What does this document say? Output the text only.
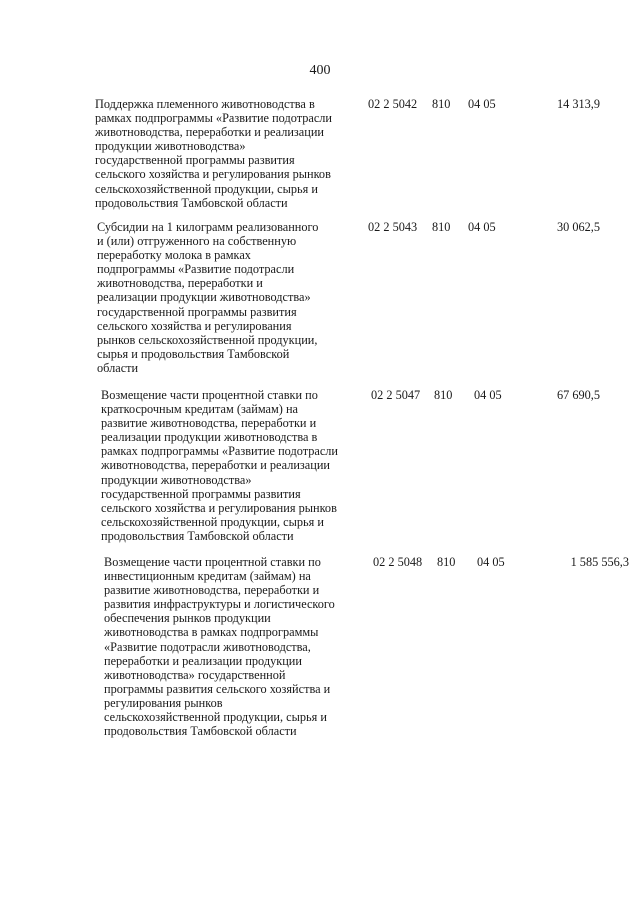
400
Поддержка племенного животноводства в
рамках подпрограммы «Развитие подотрасли
животноводства, переработки и реализации
продукции животноводства»
государственной программы развития
сельского хозяйства и регулирования рынков
сельскохозяйственной продукции, сырья и
продовольствия Тамбовской области
02 2 5042 810 04 05	14 313,9
Субсидии на 1 килограмм реализованного
и (или) отгруженного на собственную
переработку молока в рамках
подпрограммы «Развитие подотрасли
животноводства, переработки и
реализации продукции животноводства»
государственной программы развития
сельского хозяйства и регулирования
рынков сельскохозяйственной продукции,
сырья и продовольствия Тамбовской
области
02 2 5043 810 04 05	30 062,5
Возмещение части процентной ставки по
краткосрочным кредитам (займам) на
развитие животноводства, переработки и
реализации продукции животноводства в
рамках подпрограммы «Развитие подотрасли
животноводства, переработки и реализации
продукции животноводства»
государственной программы развития
сельского хозяйства и регулирования рынков
сельскохозяйственной продукции, сырья и
продовольствия Тамбовской области
02 2 5047 810 04 05	67 690,5
Возмещение части процентной ставки по
инвестиционным кредитам (займам) на
развитие животноводства, переработки и
развития инфраструктуры и логистического
обеспечения рынков продукции
животноводства в рамках подпрограммы
«Развитие подотрасли животноводства,
переработки и реализации продукции
животноводства» государственной
программы развития сельского хозяйства и
регулирования рынков
сельскохозяйственной продукции, сырья и
продовольствия Тамбовской области
02 2 5048 810 04 05	1 585 556,3
